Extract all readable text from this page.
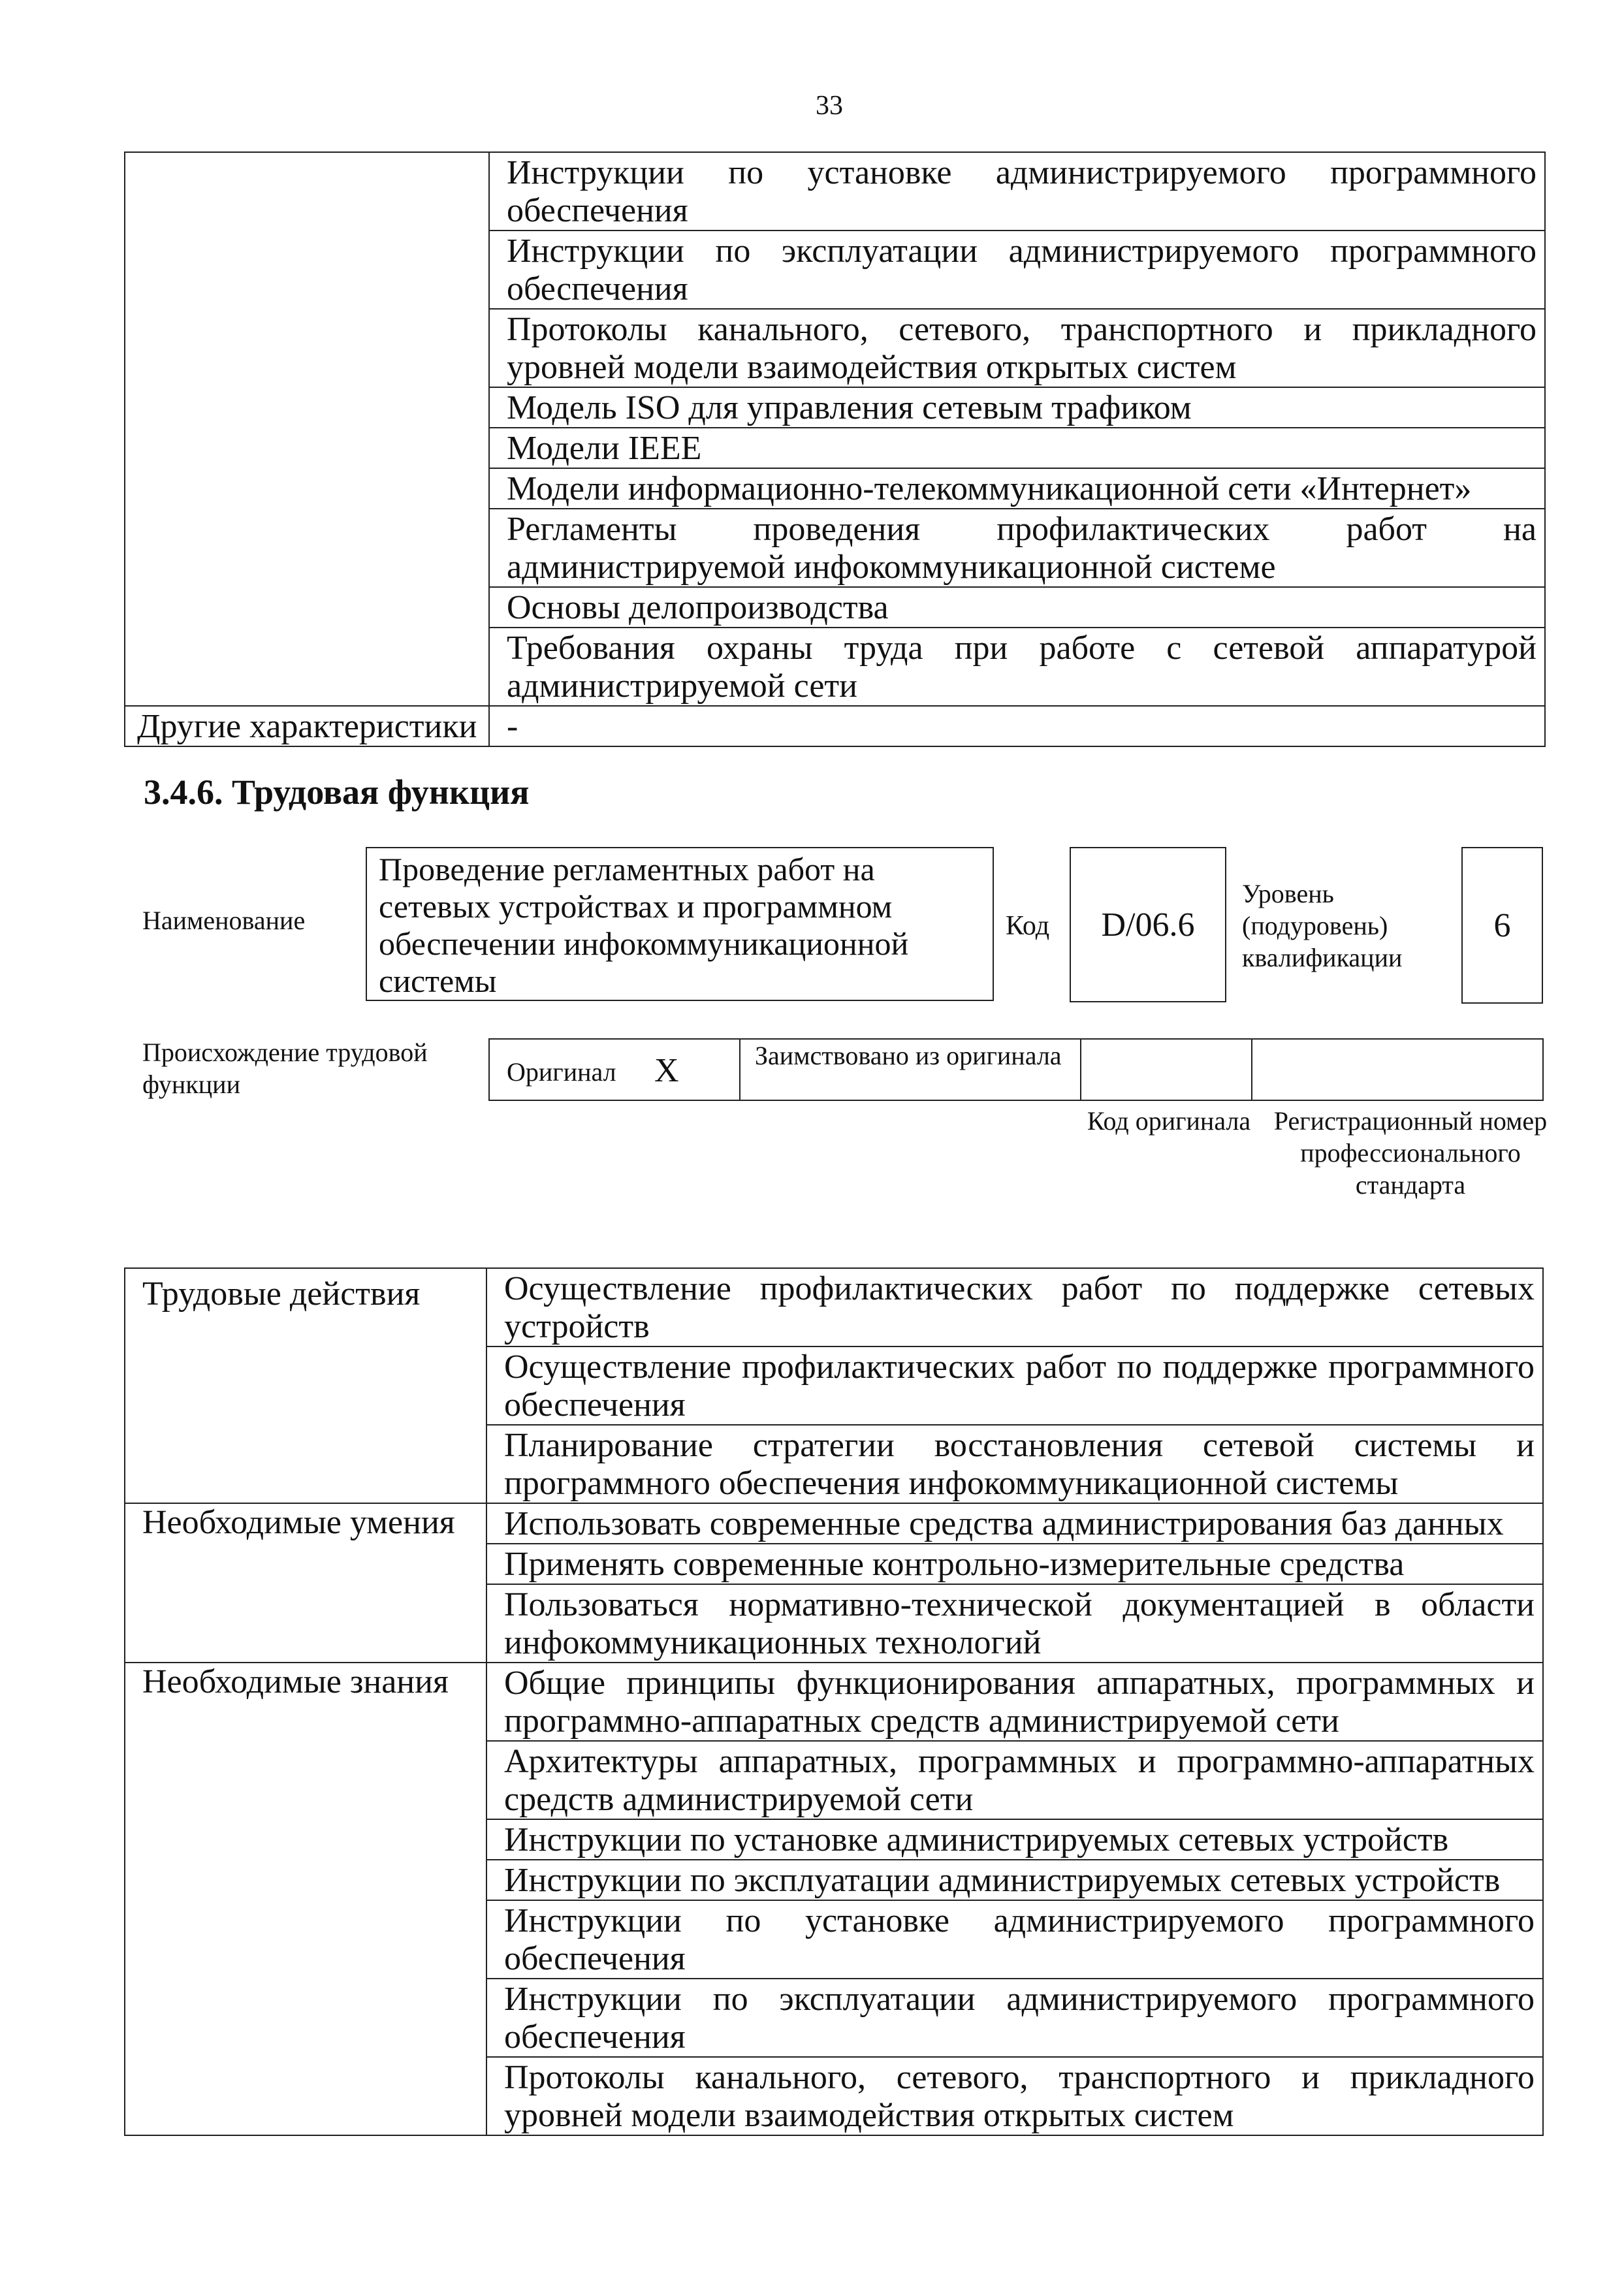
33

	Инструкции по установке администрируемого программного обеспечения

	Инструкции по эксплуатации администрируемого программного обеспечения

	Протоколы канального, сетевого, транспортного и прикладного уровней модели взаимодействия открытых систем

	Модель ISO для управления сетевым трафиком

	Модели IEEE

	Модели информационно-телекоммуникационной сети «Интернет»

	Регламенты проведения профилактических работ на администрируемой инфокоммуникационной системе

	Основы делопроизводства

	Требования охраны труда при работе с сетевой аппаратурой администрируемой сети

Другие характеристики	-
3.4.6. Трудовая функция
Наименование
Проведение регламентных работ на сетевых устройствах и программном обеспечении инфокоммуникационной системы
Код	D/06.6
Уровень (подуровень) квалификации
6
Происхождение трудовой функции	Оригинал X	Заимствовано из оригинала

Код оригинала Регистрационный номер профессионального стандарта
Трудовые действия	Осуществление профилактических работ по поддержке сетевых устройств

	Осуществление профилактических работ по поддержке программного обеспечения

	Планирование стратегии восстановления сетевой системы и программного обеспечения инфокоммуникационной системы

Необходимые умения	Использовать современные средства администрирования баз данных

	Применять современные контрольно-измерительные средства

	Пользоваться нормативно-технической документацией в области инфокоммуникационных технологий

Необходимые знания	Общие принципы функционирования аппаратных, программных и программно-аппаратных средств администрируемой сети

	Архитектуры аппаратных, программных и программно-аппаратных средств администрируемой сети

	Инструкции по установке администрируемых сетевых устройств

	Инструкции по эксплуатации администрируемых сетевых устройств

	Инструкции по установке администрируемого программного обеспечения

	Инструкции по эксплуатации администрируемого программного обеспечения

	Протоколы канального, сетевого, транспортного и прикладного уровней модели взаимодействия открытых систем
